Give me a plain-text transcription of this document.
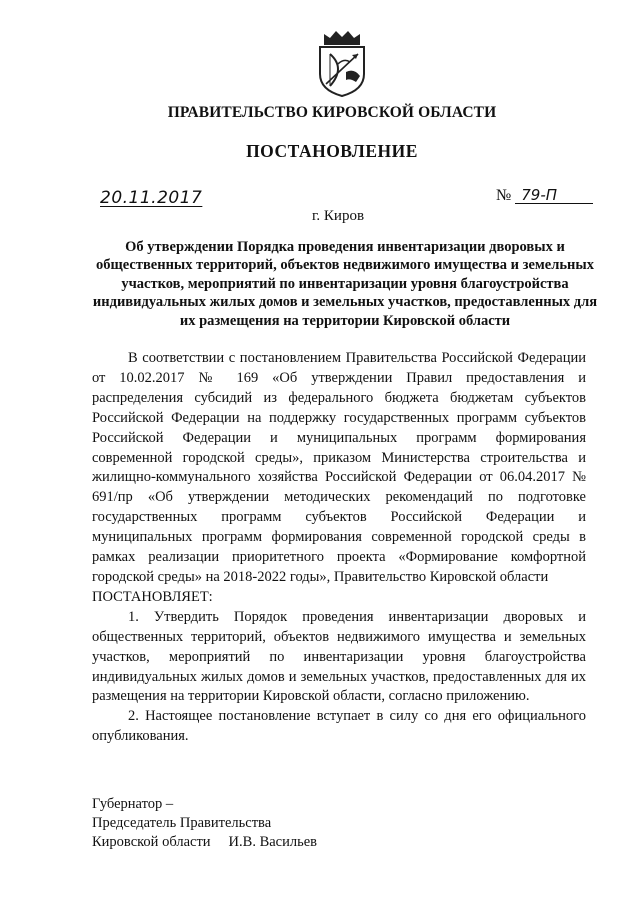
ПРАВИТЕЛЬСТВО КИРОВСКОЙ ОБЛАСТИ
ПОСТАНОВЛЕНИЕ
20.11.2017	№ 79-П
г. Киров
Об утверждении Порядка проведения инвентаризации дворовых и общественных территорий, объектов недвижимого имущества и земельных участков, мероприятий по инвентаризации уровня благоустройства индивидуальных жилых домов и земельных участков, предоставленных для их размещения на территории Кировской области

В соответствии с постановлением Правительства Российской Федерации от 10.02.2017 № 169 «Об утверждении Правил предоставления и распределения субсидий из федерального бюджета бюджетам субъектов Российской Федерации на поддержку государственных программ субъектов Российской Федерации и муниципальных программ формирования современной городской среды», приказом Министерства строительства и жилищно-коммунального хозяйства Российской Федерации от 06.04.2017 № 691/пр «Об утверждении методических рекомендаций по подготовке государственных программ субъектов Российской Федерации и муниципальных программ формирования современной городской среды в рамках реализации приоритетного проекта «Формирование комфортной городской среды» на 2018-2022 годы», Правительство Кировской области

ПОСТАНОВЛЯЕТ:

1. Утвердить Порядок проведения инвентаризации дворовых и общественных территорий, объектов недвижимого имущества и земельных участков, мероприятий по инвентаризации уровня благоустройства индивидуальных жилых домов и земельных участков, предоставленных для их размещения на территории Кировской области, согласно приложению.

2. Настоящее постановление вступает в силу со дня его официального опубликования.

Губернатор –
Председатель Правительства
Кировской области И.В. Васильев
